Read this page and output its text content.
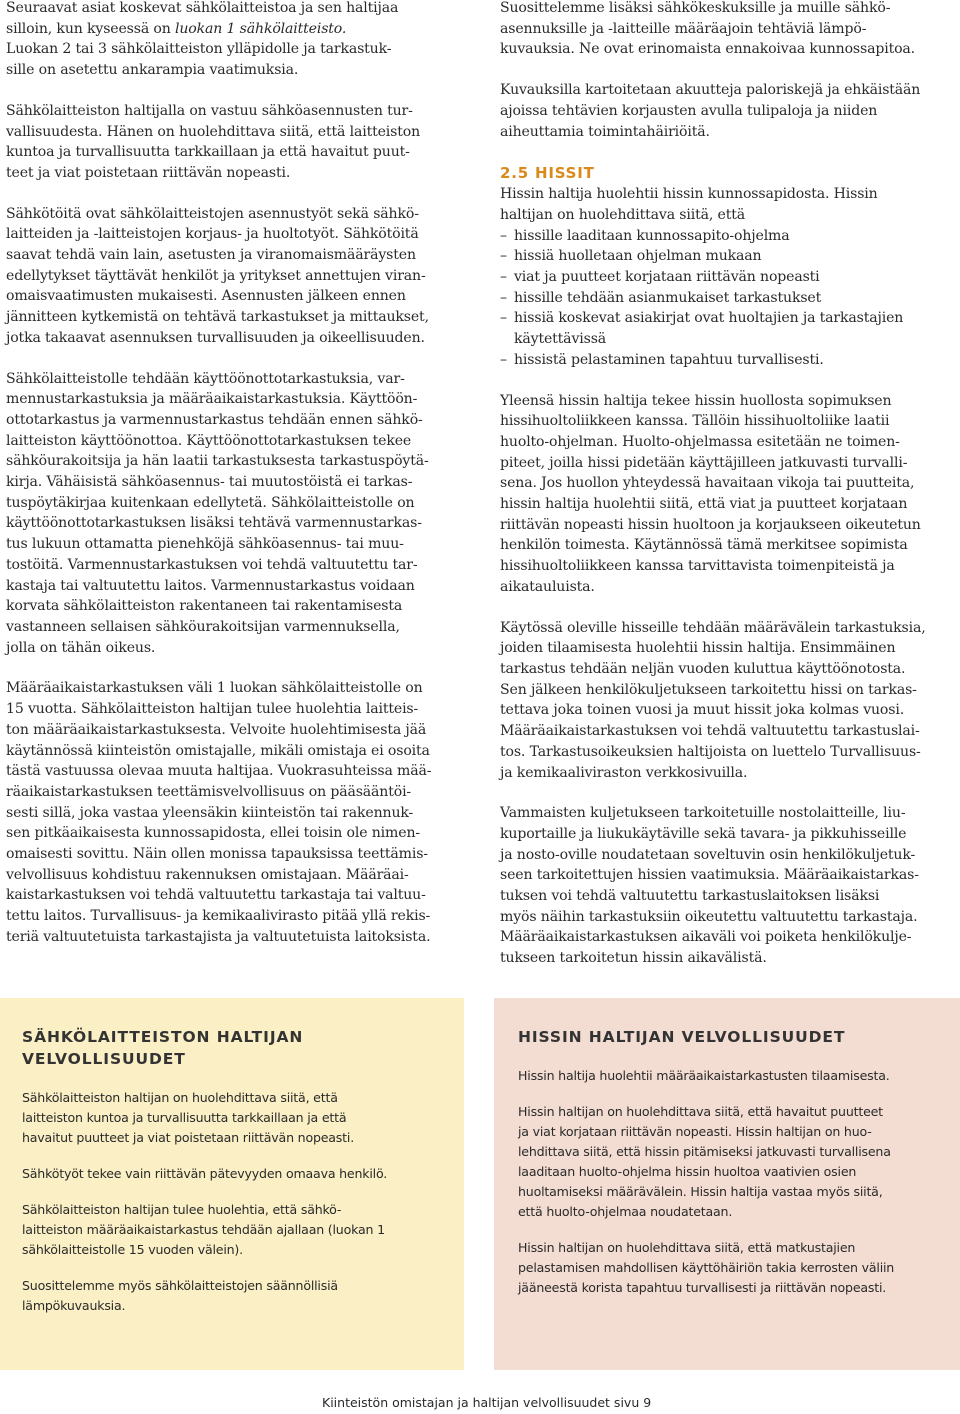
Seuraavat asiat koskevat sähkölaitteistoa ja sen haltijaa
silloin, kun kyseessä on luokan 1 sähkölaitteisto.
Luokan 2 tai 3 sähkölaitteiston ylläpidolle ja tarkastuk-
sille on asetettu ankarampia vaatimuksia.

Sähkölaitteiston haltijalla on vastuu sähköasennusten tur-
vallisuudesta. Hänen on huolehdittava siitä, että laitteiston
kuntoa ja turvallisuutta tarkkaillaan ja että havaitut puut-
teet ja viat poistetaan riittävän nopeasti.

Sähkötöitä ovat sähkölaitteistojen asennustyöt sekä sähkö-
laitteiden ja -laitteistojen korjaus- ja huoltotyöt. Sähkötöitä
saavat tehdä vain lain, asetusten ja viranomaismääräysten
edellytykset täyttävät henkilöt ja yritykset annettujen viran-
omaisvaatimusten mukaisesti. Asennusten jälkeen ennen
jännitteen kytkemistä on tehtävä tarkastukset ja mittaukset,
jotka takaavat asennuksen turvallisuuden ja oikeellisuuden.

Sähkölaitteistolle tehdään käyttöönottotarkastuksia, var-
mennustarkastuksia ja määräaikaistarkastuksia. Käyttöön-
ottotarkastus ja varmennustarkastus tehdään ennen sähkö-
laitteiston käyttöönottoa. Käyttöönottotarkastuksen tekee
sähköurakoitsija ja hän laatii tarkastuksesta tarkastuspöytä-
kirja. Vähäisistä sähköasennus- tai muutostöistä ei tarkas-
tuspöytäkirjaa kuitenkaan edellytetä. Sähkölaitteistolle on
käyttöönottotarkastuksen lisäksi tehtävä varmennustarkas-
tus lukuun ottamatta pienehköjä sähköasennus- tai muu-
tostöitä. Varmennustarkastuksen voi tehdä valtuutettu tar-
kastaja tai valtuutettu laitos. Varmennustarkastus voidaan
korvata sähkölaitteiston rakentaneen tai rakentamisesta
vastanneen sellaisen sähköurakoitsijan varmennuksella,
jolla on tähän oikeus.

Määräaikaistarkastuksen väli 1 luokan sähkölaitteistolle on
15 vuotta. Sähkölaitteiston haltijan tulee huolehtia laitteis-
ton määräaikaistarkastuksesta. Velvoite huolehtimisesta jää
käytännössä kiinteistön omistajalle, mikäli omistaja ei osoita
tästä vastuussa olevaa muuta haltijaa. Vuokrasuhteissa mää-
räaikaistarkastuksen teettämisvelvollisuus on pääsääntöi-
sesti sillä, joka vastaa yleensäkin kiinteistön tai rakennuk-
sen pitkäaikaisesta kunnossapidosta, ellei toisin ole nimen-
omaisesti sovittu. Näin ollen monissa tapauksissa teettämis-
velvollisuus kohdistuu rakennuksen omistajaan. Määräai-
kaistarkastuksen voi tehdä valtuutettu tarkastaja tai valtuu-
tettu laitos. Turvallisuus- ja kemikaalivirasto pitää yllä rekis-
teriä valtuutetuista tarkastajista ja valtuutetuista laitoksista.

Suosittelemme lisäksi sähkökeskuksille ja muille sähkö-
asennuksille ja -laitteille määräajoin tehtäviä lämpö-
kuvauksia. Ne ovat erinomaista ennakoivaa kunnossapitoa.

Kuvauksilla kartoitetaan akuutteja paloriskejä ja ehkäistään
ajoissa tehtävien korjausten avulla tulipaloja ja niiden
aiheuttamia toimintahäiriöitä.

2.5 HISSIT

Hissin haltija huolehtii hissin kunnossapidosta. Hissin
haltijan on huolehdittava siitä, että

– hissille laaditaan kunnossapito-ohjelma
– hissiä huolletaan ohjelman mukaan
– viat ja puutteet korjataan riittävän nopeasti
– hissille tehdään asianmukaiset tarkastukset
– hissiä koskevat asiakirjat ovat huoltajien ja tarkastajien
käytettävissä
– hissistä pelastaminen tapahtuu turvallisesti.

Yleensä hissin haltija tekee hissin huollosta sopimuksen
hissihuoltoliikkeen kanssa. Tällöin hissihuoltoliike laatii
huolto-ohjelman. Huolto-ohjelmassa esitetään ne toimen-
piteet, joilla hissi pidetään käyttäjilleen jatkuvasti turvalli-
sena. Jos huollon yhteydessä havaitaan vikoja tai puutteita,
hissin haltija huolehtii siitä, että viat ja puutteet korjataan
riittävän nopeasti hissin huoltoon ja korjaukseen oikeutetun
henkilön toimesta. Käytännössä tämä merkitsee sopimista
hissihuoltoliikkeen kanssa tarvittavista toimenpiteistä ja
aikatauluista.

Käytössä oleville hisseille tehdään määrävälein tarkastuksia,
joiden tilaamisesta huolehtii hissin haltija. Ensimmäinen
tarkastus tehdään neljän vuoden kuluttua käyttöönotosta.
Sen jälkeen henkilökuljetukseen tarkoitettu hissi on tarkas-
tettava joka toinen vuosi ja muut hissit joka kolmas vuosi.
Määräaikaistarkastuksen voi tehdä valtuutettu tarkastuslai-
tos. Tarkastusoikeuksien haltijoista on luettelo Turvallisuus-
ja kemikaaliviraston verkkosivuilla.

Vammaisten kuljetukseen tarkoitetuille nostolaitteille, liu-
kuportaille ja liukukäytäville sekä tavara- ja pikkuhisseille
ja nosto-oville noudatetaan soveltuvin osin henkilökuljetuk-
seen tarkoitettujen hissien vaatimuksia. Määräaikaistarkas-
tuksen voi tehdä valtuutettu tarkastuslaitoksen lisäksi
myös näihin tarkastuksiin oikeutettu valtuutettu tarkastaja.
Määräaikaistarkastuksen aikaväli voi poiketa henkilökulje-
tukseen tarkoitetun hissin aikavälistä.

SÄHKÖLAITTEISTON HALTIJAN
VELVOLLISUUDET

Sähkölaitteiston haltijan on huolehdittava siitä, että
laitteiston kuntoa ja turvallisuutta tarkkaillaan ja että
havaitut puutteet ja viat poistetaan riittävän nopeasti.

Sähkötyöt tekee vain riittävän pätevyyden omaava henkilö.

Sähkölaitteiston haltijan tulee huolehtia, että sähkö-
laitteiston määräaikaistarkastus tehdään ajallaan (luokan 1
sähkölaitteistolle 15 vuoden välein).

Suosittelemme myös sähkölaitteistojen säännöllisiä
lämpökuvauksia.

HISSIN HALTIJAN VELVOLLISUUDET

Hissin haltija huolehtii määräaikaistarkastusten tilaamisesta.

Hissin haltijan on huolehdittava siitä, että havaitut puutteet
ja viat korjataan riittävän nopeasti. Hissin haltijan on huo-
lehdittava siitä, että hissin pitämiseksi jatkuvasti turvallisena
laaditaan huolto-ohjelma hissin huoltoa vaativien osien
huoltamiseksi määrävälein. Hissin haltija vastaa myös siitä,
että huolto-ohjelmaa noudatetaan.

Hissin haltijan on huolehdittava siitä, että matkustajien
pelastamisen mahdollisen käyttöhäiriön takia kerrosten väliin
jääneestä korista tapahtuu turvallisesti ja riittävän nopeasti.

Kiinteistön omistajan ja haltijan velvollisuudet sivu 9
